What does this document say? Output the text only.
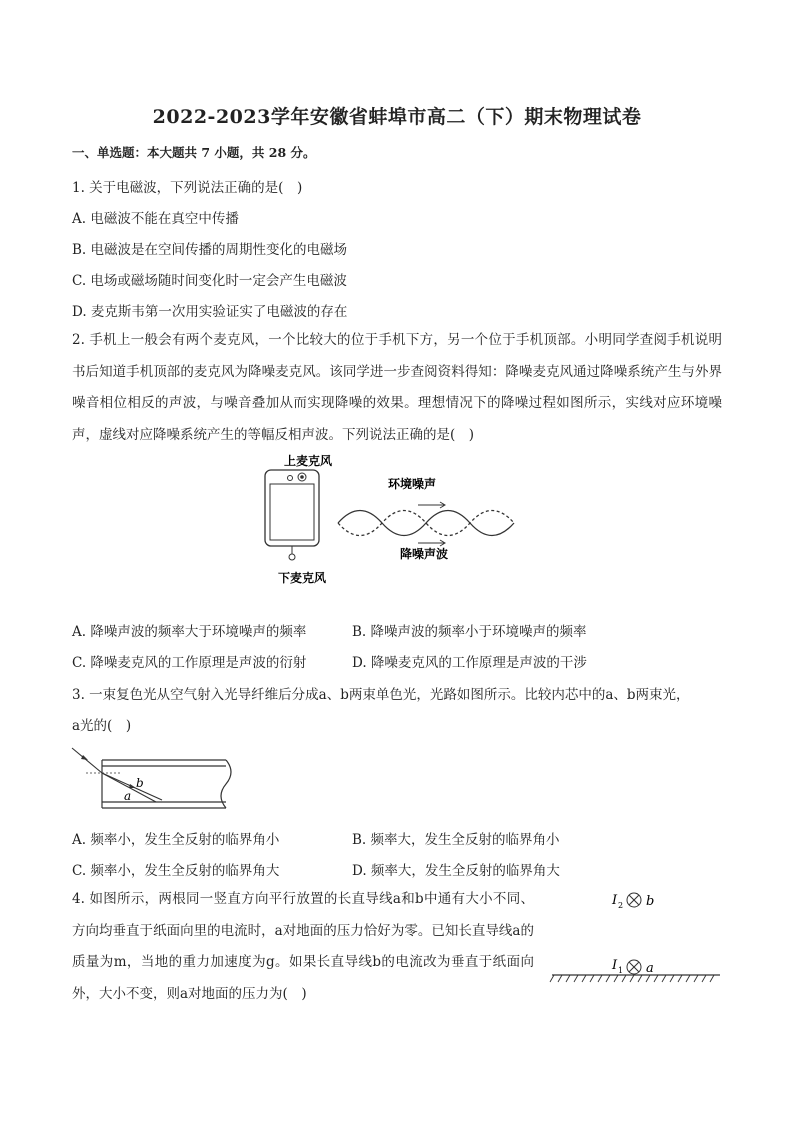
2022-2023学年安徽省蚌埠市高二（下）期末物理试卷
一、单选题：本大题共 7 小题，共 28 分。
1. 关于电磁波，下列说法正确的是(　)
A. 电磁波不能在真空中传播
B. 电磁波是在空间传播的周期性变化的电磁场
C. 电场或磁场随时间变化时一定会产生电磁波
D. 麦克斯韦第一次用实验证实了电磁波的存在
2. 手机上一般会有两个麦克风，一个比较大的位于手机下方，另一个位于手机顶部。小明同学查阅手机说明书后知道手机顶部的麦克风为降噪麦克风。该同学进一步查阅资料得知：降噪麦克风通过降噪系统产生与外界噪音相位相反的声波，与噪音叠加从而实现降噪的效果。理想情况下的降噪过程如图所示，实线对应环境噪声，虚线对应降噪系统产生的等幅反相声波。下列说法正确的是(　)
上麦克风
下麦克风
环境噪声
降噪声波
A. 降噪声波的频率大于环境噪声的频率	B. 降噪声波的频率小于环境噪声的频率
C. 降噪麦克风的工作原理是声波的衍射	D. 降噪麦克风的工作原理是声波的干涉
3. 一束复色光从空气射入光导纤维后分成a、b两束单色光，光路如图所示。比较内芯中的a、b两束光，
a光的(　)
b
a
A. 频率小，发生全反射的临界角小	B. 频率大，发生全反射的临界角小
C. 频率小，发生全反射的临界角大	D. 频率大，发生全反射的临界角大
4. 如图所示，两根同一竖直方向平行放置的长直导线a和b中通有大小不同、方向均垂直于纸面向里的电流时，a对地面的压力恰好为零。已知长直导线a的质量为m，当地的重力加速度为g。如果长直导线b的电流改为垂直于纸面向外，大小不变，则a对地面的压力为(　)
I 2 b
I 1 a
